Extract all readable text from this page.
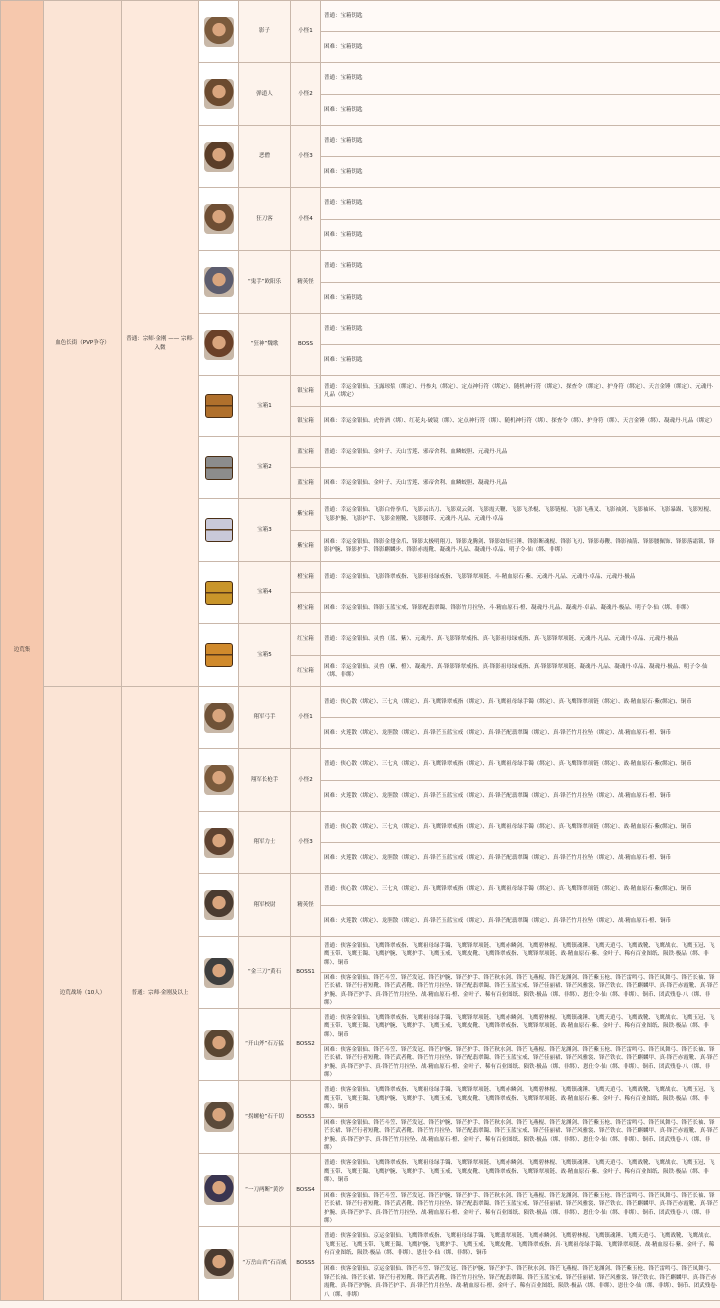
边荒集	血色长街（PVP争夺）	普通：宗师·金刚 —— 宗师·入微		影子	小怪1	普通：宝箱钥匙
						困难：宝箱钥匙

				弹道人	小怪2	普通：宝箱钥匙
						困难：宝箱钥匙

				恶僧	小怪3	普通：宝箱钥匙
						困难：宝箱钥匙

				狂刀客	小怪4	普通：宝箱钥匙
						困难：宝箱钥匙

				“鬼手”欧阳乐	精英怪	普通：宝箱钥匙
						困难：宝箱钥匙

				“狂神”魏歌	BOSS	普通：宝箱钥匙
						困难：宝箱钥匙

				宝箱1	银宝箱	普通：幸运金银仙、玉露琼浆（绑定）、丹参丸（绑定）、定点神行符（绑定）、随机神行符（绑定）、探查令（绑定）、护身符（绑定）、天言金锤（绑定）、元魂丹·凡品（绑定）
					银宝箱	困难：幸运金银仙、虎骨酒（绑）、红花丸·破镜（绑）、定点神行符（绑）、随机神行符（绑）、探查令（绑）、护身符（绑）、天言金锤（绑）、凝魂丹·凡品（绑定）

				宝箱2	蓝宝箱	普通：幸运金银仙、金叶子、天山雪莲、邪帝舍利、血鳞蛟胆、元魂丹·凡品
					蓝宝箱	困难：幸运金银仙、金叶子、天山雪莲、邪帝舍利、血鳞蛟胆、凝魂丹·凡品

				宝箱3	紫宝箱	普通：幸运金银仙、飞影白骨拳爪、飞影云出刀、飞影双云剑、飞影霞天鞭、飞影飞杀棍、飞影链棍、飞影飞燕叉、飞影袖剑、飞影袖环、飞影暴踢、飞影短棍、飞影护腕、飞影护手、飞影金刚靴、飞影腰带、元魂丹·凡品、元魂丹·卓品
					紫宝箱	困难：幸运金银仙、锋影金翅金爪、锋影太极明翔刀、锋影龙腾剑、锋影如矩巨锤、锋影断魂棍、锋影飞刃、锋影毒鞭、锋影袖箭、锋影腰佩饰、锋影落霜锁、锋影护腕、锋影护手、锋影麒麟步、锋影赤霞靴、凝魂丹·凡品、凝魂丹·卓品、明子令·仙（绑、非绑）

				宝箱4	橙宝箱	普通：幸运金银仙、飞影锋翠戒指、飞影祖母绿戒指、飞影锋翠项链、斗·精血原石·紫、元魂丹·凡品、元魂丹·卓品、元魂丹·极品
					橙宝箱	困难：幸运金银仙、锋影玉蓝宝戒、锋影配翡翠镯、锋影竹月拉坠、斗·精血原石·橙、凝魂丹·凡品、凝魂丹·卓品、凝魂丹·极品、明子令·仙（绑、非绑）

				宝箱5	红宝箱	普通：幸运金银仙、灵兽（蓝、紫）、元魂丹、真·飞影锋翠戒指、真·飞影祖母绿戒指、真·飞影锋翠项链、元魂丹·凡品、元魂丹·卓品、元魂丹·极品
					红宝箱	困难：幸运金银仙、灵兽（紫、橙）、凝魂丹、真·锋影锋翠戒指、真·锋影祖母绿戒指、真·锋影锋翠项链、凝魂丹·凡品、凝魂丹·卓品、凝魂丹·极品、明子令·仙（绑、非绑）
	边荒战场（10人）	普通：宗师·金刚及以上		翔军弓手	小怪1	普通：侠心散（绑定）、三七丸（绑定）、真·飞鹰锋翠戒指（绑定）、真·飞鹰祖母绿手镯（绑定）、真·飞鹰锋翠项链（绑定）、战·精血原石·紫(绑定)、铜币
						困难：火莲散（绑定）、龙胆散（绑定）、真·锋芒玉蓝宝戒（绑定）、真·锋芒配翡翠镯（绑定）、真·锋芒竹月拉坠（绑定）、战·精血原石·橙、铜币

				翔军长枪手	小怪2	普通：侠心散（绑定）、三七丸（绑定）、真·飞鹰锋翠戒指（绑定）、真·飞鹰祖母绿手镯（绑定）、真·飞鹰锋翠项链（绑定）、战·精血原石·紫(绑定)、铜币
						困难：火莲散（绑定）、龙胆散（绑定）、真·锋芒玉蓝宝戒（绑定）、真·锋芒配翡翠镯（绑定）、真·锋芒竹月拉坠（绑定）、战·精血原石·橙、铜币

				翔军力士	小怪3	普通：侠心散（绑定）、三七丸（绑定）、真·飞鹰锋翠戒指（绑定）、真·飞鹰祖母绿手镯（绑定）、真·飞鹰锋翠项链（绑定）、战·精血原石·紫(绑定)、铜币
						困难：火莲散（绑定）、龙胆散（绑定）、真·锋芒玉蓝宝戒（绑定）、真·锋芒配翡翠镯（绑定）、真·锋芒竹月拉坠（绑定）、战·精血原石·橙、铜币

				翔军校尉	精英怪	普通：侠心散（绑定）、三七丸（绑定）、真·飞鹰锋翠戒指（绑定）、真·飞鹰祖母绿手镯（绑定）、真·飞鹰锋翠项链（绑定）、战·精血原石·紫(绑定)、铜币
						困难：火莲散（绑定）、龙胆散（绑定）、真·锋芒玉蓝宝戒（绑定）、真·锋芒配翡翠镯（绑定）、真·锋芒竹月拉坠（绑定）、战·精血原石·橙、铜币

				“金三刀”黄石	BOSS1	普通：侠客金银仙、飞鹰锋翠戒指、飞鹰祖母绿手镯、飞鹰锋翠项链、飞鹰赤鳞剑、飞鹰碧林棍、飞鹰镇魂锤、飞鹰天逍弓、飞鹰战靴、飞鹰战衣、飞鹰玉冠、飞鹰玉带、飞鹰王镯、飞鹰护腕、飞鹰护手、飞鹰玉戒、飞鹰皮靴、飞鹰锋翠戒指、飞鹰锋翠项链、战·精血原石·紫、金叶子、稀有百业图纸、陨铁·极品（绑、非绑）、铜币
						困难：侠客金银仙、锋芒斗笠、锋芒发冠、锋芒护腕、锋芒护手、锋芒秋水剑、锋芒飞燕棍、锋芒龙渊剑、锋芒紫玉枪、锋芒雷鸣弓、锋芒凤舞弓、锋芒长袖、锋芒长裙、锋芒行者短靴、锋芒武者靴、锋芒竹月拉坠、锋芒配翡翠镯、锋芒玉蓝宝戒、锋芒佳丽裙、锋芒风雅裳、锋芒铁衣、锋芒麒麟甲、真·锋芒赤霞靴、真·锋芒护腕、真·锋芒护手、真·锋芒竹月拉坠、战·精血原石·橙、金叶子、稀有百业图纸、陨铁·极品（绑、非绑）、恩仕令·仙（绑、非绑）、铜币、团武残卷·八（绑、非绑）

				“开山斧”石万猛	BOSS2	普通：侠客金银仙、飞鹰锋翠戒指、飞鹰祖母绿手镯、飞鹰锋翠项链、飞鹰赤鳞剑、飞鹰碧林棍、飞鹰镇魂锤、飞鹰天逍弓、飞鹰战靴、飞鹰战衣、飞鹰玉冠、飞鹰玉带、飞鹰王镯、飞鹰护腕、飞鹰护手、飞鹰玉戒、飞鹰皮靴、飞鹰锋翠戒指、飞鹰锋翠项链、战·精血原石·紫、金叶子、稀有百业图纸、陨铁·极品（绑、非绑）、铜币
						困难：侠客金银仙、锋芒斗笠、锋芒发冠、锋芒护腕、锋芒护手、锋芒秋水剑、锋芒飞燕棍、锋芒龙渊剑、锋芒紫玉枪、锋芒雷鸣弓、锋芒凤舞弓、锋芒长袖、锋芒长裙、锋芒行者短靴、锋芒武者靴、锋芒竹月拉坠、锋芒配翡翠镯、锋芒玉蓝宝戒、锋芒佳丽裙、锋芒风雅裳、锋芒铁衣、锋芒麒麟甲、真·锋芒赤霞靴、真·锋芒护腕、真·锋芒护手、真·锋芒竹月拉坠、战·精血原石·橙、金叶子、稀有百业图纸、陨铁·极品（绑、非绑）、恩仕令·仙（绑、非绑）、铜币、团武残卷·八（绑、非绑）

				“拐螺枪”石千切	BOSS3	普通：侠客金银仙、飞鹰锋翠戒指、飞鹰祖母绿手镯、飞鹰锋翠项链、飞鹰赤鳞剑、飞鹰碧林棍、飞鹰镇魂锤、飞鹰天逍弓、飞鹰战靴、飞鹰战衣、飞鹰玉冠、飞鹰玉带、飞鹰王镯、飞鹰护腕、飞鹰护手、飞鹰玉戒、飞鹰皮靴、飞鹰锋翠戒指、飞鹰锋翠项链、战·精血原石·紫、金叶子、稀有百业图纸、陨铁·极品（绑、非绑）、铜币
						困难：侠客金银仙、锋芒斗笠、锋芒发冠、锋芒护腕、锋芒护手、锋芒秋水剑、锋芒飞燕棍、锋芒龙渊剑、锋芒紫玉枪、锋芒雷鸣弓、锋芒凤舞弓、锋芒长袖、锋芒长裙、锋芒行者短靴、锋芒武者靴、锋芒竹月拉坠、锋芒配翡翠镯、锋芒玉蓝宝戒、锋芒佳丽裙、锋芒风雅裳、锋芒铁衣、锋芒麒麟甲、真·锋芒赤霞靴、真·锋芒护腕、真·锋芒护手、真·锋芒竹月拉坠、战·精血原石·橙、金叶子、稀有百业图纸、陨铁·极品（绑、非绑）、恩仕令·仙（绑、非绑）、铜币、团武残卷·八（绑、非绑）

				“一刀两断”黄沙	BOSS4	普通：侠客金银仙、飞鹰锋翠戒指、飞鹰祖母绿手镯、飞鹰锋翠项链、飞鹰赤鳞剑、飞鹰碧林棍、飞鹰镇魂锤、飞鹰天逍弓、飞鹰战靴、飞鹰战衣、飞鹰玉冠、飞鹰玉带、飞鹰王镯、飞鹰护腕、飞鹰护手、飞鹰玉戒、飞鹰皮靴、飞鹰锋翠戒指、飞鹰锋翠项链、战·精血原石·紫、金叶子、稀有百业图纸、陨铁·极品（绑、非绑）、铜币
						困难：侠客金银仙、锋芒斗笠、锋芒发冠、锋芒护腕、锋芒护手、锋芒秋水剑、锋芒飞燕棍、锋芒龙渊剑、锋芒紫玉枪、锋芒雷鸣弓、锋芒凤舞弓、锋芒长袖、锋芒长裙、锋芒行者短靴、锋芒武者靴、锋芒竹月拉坠、锋芒配翡翠镯、锋芒玉蓝宝戒、锋芒佳丽裙、锋芒风雅裳、锋芒铁衣、锋芒麒麟甲、真·锋芒赤霞靴、真·锋芒护腕、真·锋芒护手、真·锋芒竹月拉坠、战·精血原石·橙、金叶子、稀有百业图纸、陨铁·极品（绑、非绑）、恩仕令·仙（绑、非绑）、铜币、团武残卷·八（绑、非绑）

				“万岳山君”石百威	BOSS5	普通：侠客金银仙、京运金银仙、飞鹰锋翠戒指、飞鹰祖母绿手镯、飞鹰翡翠项链、飞鹰赤鳞剑、飞鹰碧林棍、飞鹰镇魂锤、飞鹰天逍弓、飞鹰战靴、飞鹰战衣、飞鹰玉冠、飞鹰玉带、飞鹰王镯、飞鹰护腕、飞鹰护手、飞鹰玉戒、飞鹰皮靴、飞鹰锋翠戒指、真·飞鹰祖母绿手镯、飞鹰锋翠项链、战·精血原石·紫、金叶子、稀有百业图纸、陨铁·极品（绑、非绑）、恩仕令·仙（绑、非绑）、铜币
						困难：侠客金银仙、京运金银仙、锋芒斗笠、锋芒发冠、锋芒护腕、锋芒护手、锋芒秋水剑、锋芒飞燕棍、锋芒龙渊剑、锋芒紫玉枪、锋芒雷鸣弓、锋芒凤舞弓、锋芒长袖、锋芒长裙、锋芒行者短靴、锋芒武者靴、锋芒竹月拉坠、锋芒配翡翠镯、锋芒玉蓝宝戒、锋芒佳丽裙、锋芒风雅裳、锋芒铁衣、锋芒麒麟甲、真·锋芒赤霞靴、真·锋芒护腕、真·锋芒护手、真·锋芒竹月拉坠、战·精血原石·橙、金叶子、稀有百业图纸、陨铁·极品（绑、非绑）、恩仕令·仙（绑、非绑）、铜币、团武残卷·八（绑、非绑）
